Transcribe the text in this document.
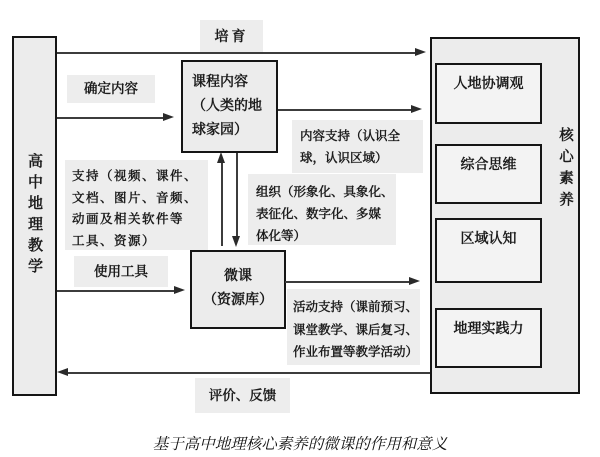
高中地理教学
课程内容
（人类的地
球家园）
微课
（资源库）
人地协调观
综合思维
区域认知
地理实践力
核心素养
培育
确定内容
内容支持（认识全
球，认识区域）
支持（视频、课件、
文档、图片、音频、
动画及相关软件等
工具、资源）
组织（形象化、具象化、
表征化、数字化、多媒
体化等）
使用工具
活动支持（课前预习、
课堂教学、课后复习、
作业布置等教学活动）
评价、反馈
基于高中地理核心素养的微课的作用和意义
